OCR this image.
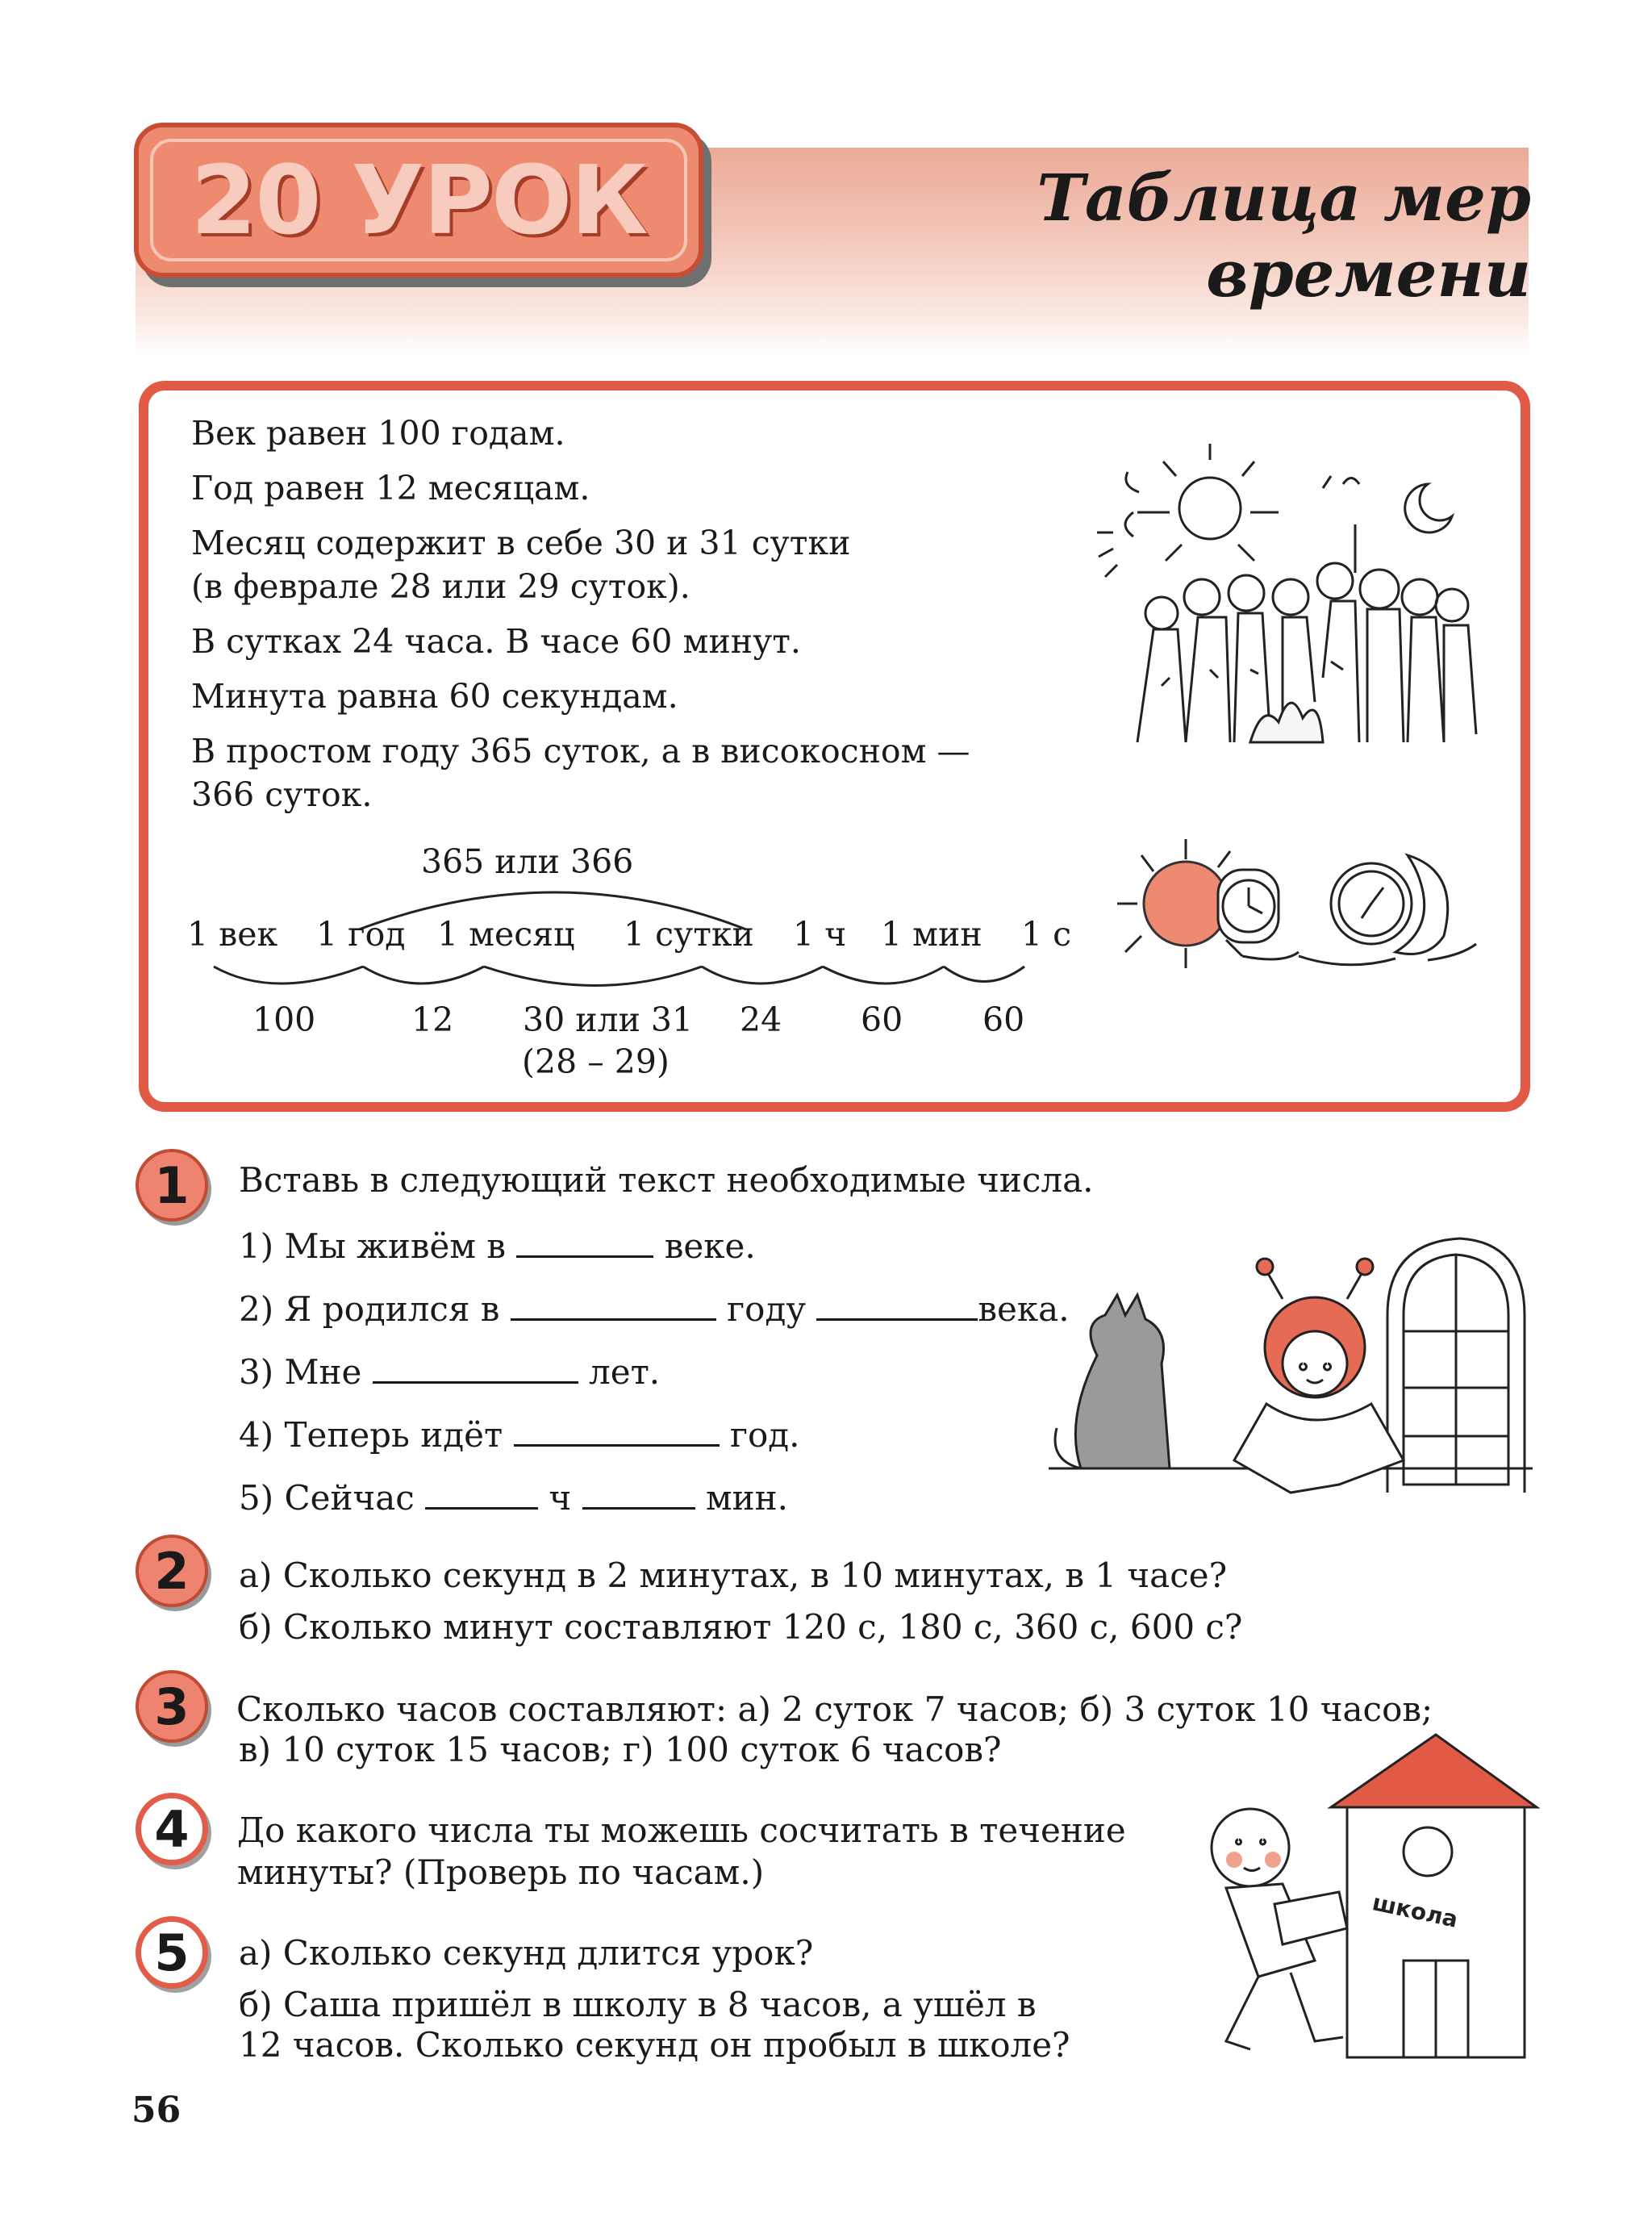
20 УРОК	Таблица мер
времени
Век равен 100 годам.
Год равен 12 месяцам.
Месяц содержит в себе 30 и 31 сутки
(в феврале 28 или 29 суток).
В сутках 24 часа. В часе 60 минут.
Минута равна 60 секундам.
В простом году 365 суток, а в високосном —
366 суток.
365 или 366
1 век 1 год 1 месяц 1 сутки 1 ч 1 мин 1 с
100	12 30 или 31 24 60 60
(28 – 29)
1	Вставь в следующий текст необходимые числа.
1) Мы живём в	веке.
2) Я родился в	году	века.
3) Мне	лет.
4) Теперь идёт	год.
5) Сейчас	ч	мин.
2	а) Сколько секунд в 2 минутах, в 10 минутах, в 1 часе?
б) Сколько минут составляют 120 с, 180 с, 360 с, 600 с?
3	Сколько часов составляют: а) 2 суток 7 часов; б) 3 суток 10 часов;
в) 10 суток 15 часов; г) 100 суток 6 часов?
4	До какого числа ты можешь сосчитать в течение
минуты? (Проверь по часам.)
5	а) Сколько секунд длится урок?
б) Саша пришёл в школу в 8 часов, а ушёл в
12 часов. Сколько секунд он пробыл в школе?
школа
56
